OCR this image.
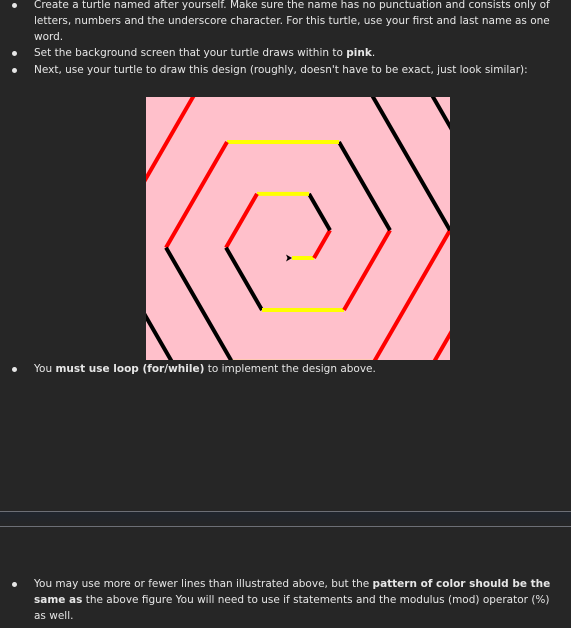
Create a turtle named after yourself. Make sure the name has no punctuation and consists only of letters, numbers and the underscore character. For this turtle, use your first and last name as one word.
Set the background screen that your turtle draws within to pink.
Next, use your turtle to draw this design (roughly, doesn't have to be exact, just look similar):
You must use loop (for/while) to implement the design above.
You may use more or fewer lines than illustrated above, but the pattern of color should be the same as the above figure You will need to use if statements and the modulus (mod) operator (%) as well.
